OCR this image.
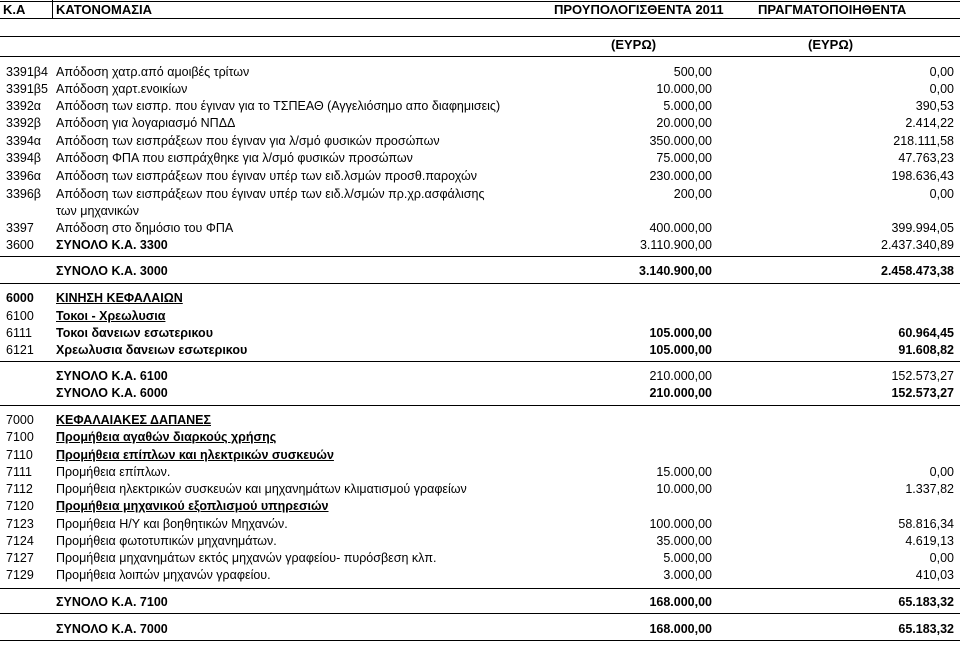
Κ.Α ΚΑΤΟΝΟΜΑΣΙΑ	ΠΡΟΥΠΟΛΟΓΙΣΘΕΝΤΑ 2011	ΠΡΑΓΜΑΤΟΠΟΙΗΘΕΝΤΑ
(ΕΥΡΩ)	(ΕΥΡΩ)
3391β4 Απόδοση χατρ.από αμοιβές τρίτων	500,00	0,00
3391β5 Απόδοση χαρτ.ενοικίων	10.000,00	0,00
3392α Απόδοση των εισπρ. που έγιναν για το ΤΣΠΕΑΘ (Αγγελιόσημο απο διαφημισεις)	5.000,00	390,53
3392β Απόδοση για λογαριασμό ΝΠΔΔ	20.000,00	2.414,22
3394α Απόδοση των εισπράξεων που έγιναν για λ/σμό φυσικών προσώπων	350.000,00	218.111,58
3394β Απόδοση ΦΠΑ που εισπράχθηκε για λ/σμό φυσικών προσώπων	75.000,00	47.763,23
3396α Απόδοση των εισπράξεων που έγιναν υπέρ των ειδ.λσμών προσθ.παροχών	230.000,00	198.636,43
3396β Απόδοση των εισπράξεων που έγιναν υπέρ των ειδ.λ/σμών πρ.χρ.ασφάλισης	200,00	0,00
των μηχανικών
3397 Απόδοση στο δημόσιο του ΦΠΑ	400.000,00	399.994,05
3600 ΣΥΝΟΛΟ Κ.Α. 3300	3.110.900,00	2.437.340,89
ΣΥΝΟΛΟ Κ.Α. 3000	3.140.900,00	2.458.473,38
6000 ΚΙΝΗΣΗ ΚΕΦΑΛΑΙΩΝ
6100 Τοκοι - Χρεωλυσια
6111 Τοκοι δανειων εσωτερικου	105.000,00	60.964,45
6121 Χρεωλυσια δανειων εσωτερικου	105.000,00	91.608,82
ΣΥΝΟΛΟ Κ.Α. 6100	210.000,00	152.573,27
ΣΥΝΟΛΟ Κ.Α. 6000	210.000,00	152.573,27
7000 ΚΕΦΑΛΑΙΑΚΕΣ ΔΑΠΑΝΕΣ
7100 Προμήθεια αγαθών διαρκούς χρήσης
7110 Προμήθεια επίπλων και ηλεκτρικών συσκευών
7111 Προμήθεια επίπλων.	15.000,00	0,00
7112 Προμήθεια ηλεκτρικών συσκευών και μηχανημάτων κλιματισμού γραφείων	10.000,00	1.337,82
7120 Προμήθεια μηχανικού εξοπλισμού υπηρεσιών
7123 Προμήθεια Η/Υ και βοηθητικών Μηχανών.	100.000,00	58.816,34
7124 Προμήθεια φωτοτυπικών μηχανημάτων.	35.000,00	4.619,13
7127 Προμήθεια μηχανημάτων εκτός μηχανών γραφείου- πυρόσβεση κλπ.	5.000,00	0,00
7129 Προμήθεια λοιπών μηχανών γραφείου.	3.000,00	410,03
ΣΥΝΟΛΟ Κ.Α. 7100	168.000,00	65.183,32
ΣΥΝΟΛΟ Κ.Α. 7000	168.000,00	65.183,32
